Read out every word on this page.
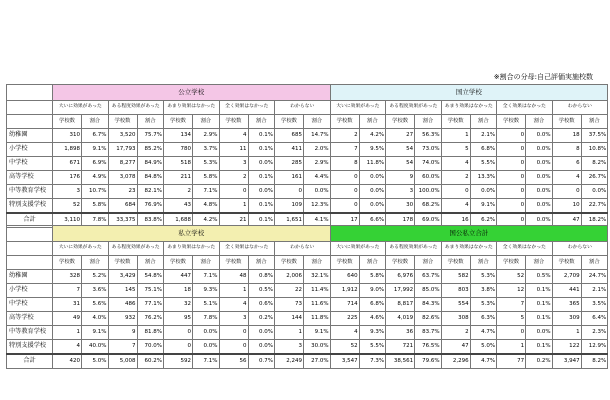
※割合の分母:自己評価実施校数
	公立学校										国立学校									
	大いに効果があった		ある程度効果があった		あまり効果はなかった		全く効果はなかった		わからない		大いに効果があった		ある程度効果があった		あまり効果はなかった		全く効果はなかった		わからない	
	学校数	割合	学校数	割合	学校数	割合	学校数	割合	学校数	割合	学校数	割合	学校数	割合	学校数	割合	学校数	割合	学校数	割合
幼稚園	310	6.7%	3,520	75.7%	134	2.9%	4	0.1%	685	14.7%	2	4.2%	27	56.3%	1	2.1%	0	0.0%	18	37.5%
小学校	1,898	9.1%	17,793	85.2%	780	3.7%	11	0.1%	411	2.0%	7	9.5%	54	73.0%	5	6.8%	0	0.0%	8	10.8%
中学校	671	6.9%	8,277	84.9%	518	5.3%	3	0.0%	285	2.9%	8	11.8%	54	74.0%	4	5.5%	0	0.0%	6	8.2%
高等学校	176	4.9%	3,078	84.8%	211	5.8%	2	0.1%	161	4.4%	0	0.0%	9	60.0%	2	13.3%	0	0.0%	4	26.7%
中等教育学校	3	10.7%	23	82.1%	2	7.1%	0	0.0%	0	0.0%	0	0.0%	3	100.0%	0	0.0%	0	0.0%	0	0.0%
特別支援学校	52	5.8%	684	76.9%	43	4.8%	1	0.1%	109	12.3%	0	0.0%	30	68.2%	4	9.1%	0	0.0%	10	22.7%
合計	3,110	7.8%	33,375	83.8%	1,688	4.2%	21	0.1%	1,651	4.1%	17	6.6%	178	69.0%	16	6.2%	0	0.0%	47	18.2%
	私立学校										国公私立合計									
	大いに効果があった		ある程度効果があった		あまり効果はなかった		全く効果はなかった		わからない		大いに効果があった		ある程度効果があった		あまり効果はなかった		全く効果はなかった		わからない	
	学校数	割合	学校数	割合	学校数	割合	学校数	割合	学校数	割合	学校数	割合	学校数	割合	学校数	割合	学校数	割合	学校数	割合
幼稚園	328	5.2%	3,429	54.8%	447	7.1%	48	0.8%	2,006	32.1%	640	5.8%	6,976	63.7%	582	5.3%	52	0.5%	2,709	24.7%
小学校	7	3.6%	145	75.1%	18	9.3%	1	0.5%	22	11.4%	1,912	9.0%	17,992	85.0%	803	3.8%	12	0.1%	441	2.1%
中学校	31	5.6%	486	77.1%	32	5.1%	4	0.6%	73	11.6%	714	6.8%	8,817	84.3%	554	5.3%	7	0.1%	365	3.5%
高等学校	49	4.0%	932	76.2%	95	7.8%	3	0.2%	144	11.8%	225	4.6%	4,019	82.6%	308	6.3%	5	0.1%	309	6.4%
中等教育学校	1	9.1%	9	81.8%	0	0.0%	0	0.0%	1	9.1%	4	9.3%	36	83.7%	2	4.7%	0	0.0%	1	2.3%
特別支援学校	4	40.0%	7	70.0%	0	0.0%	0	0.0%	3	30.0%	52	5.5%	721	76.5%	47	5.0%	1	0.1%	122	12.9%
合計	420	5.0%	5,008	60.2%	592	7.1%	56	0.7%	2,249	27.0%	3,547	7.3%	38,561	79.6%	2,296	4.7%	77	0.2%	3,947	8.2%
